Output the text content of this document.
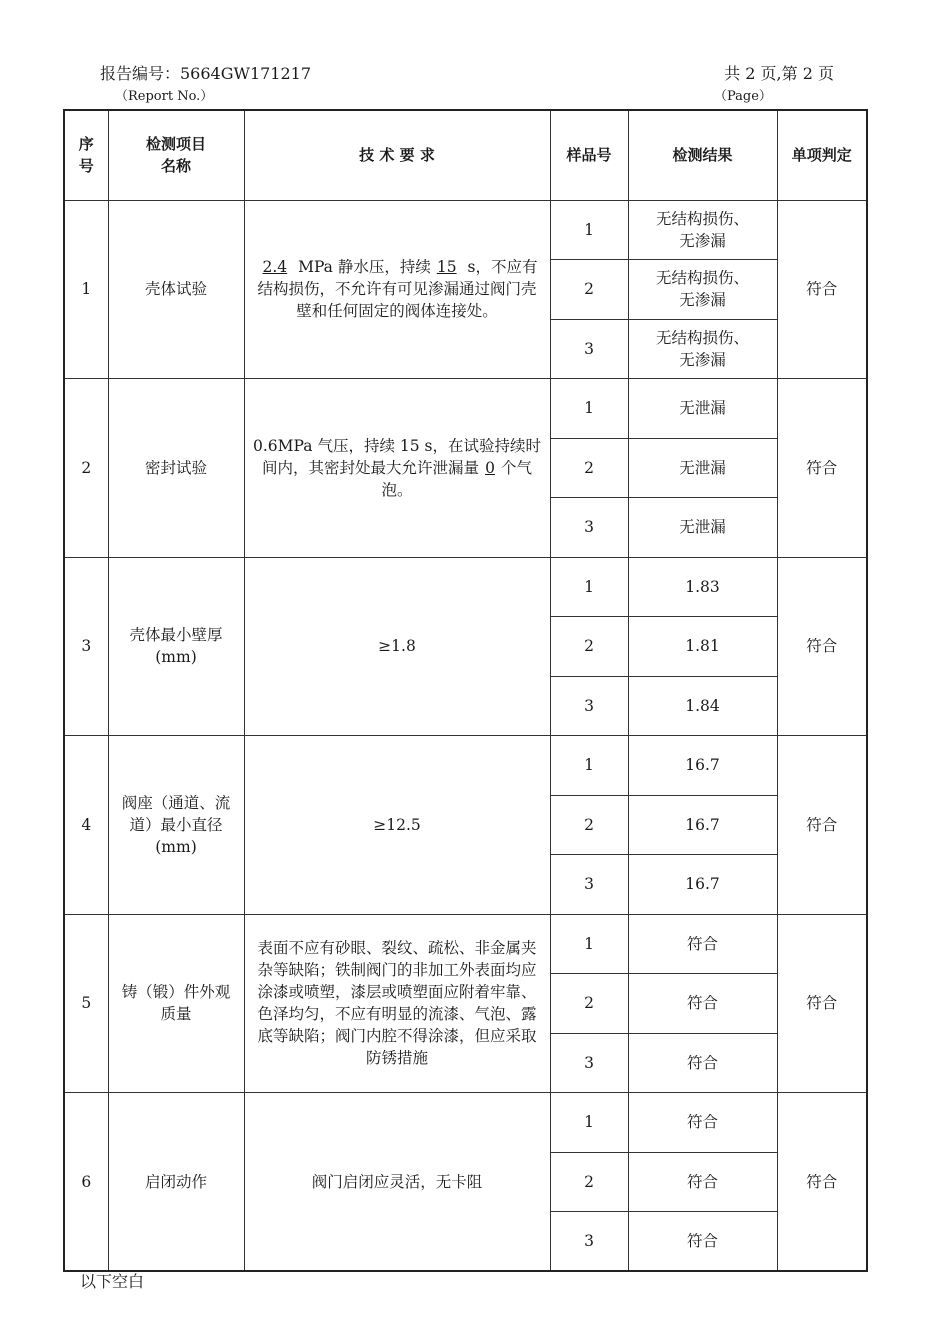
报告编号：5664GW171217
（Report No.）
共 2 页,第 2 页
（Page）
序
号	检测项目
名称	技 术 要 求	样品号	检测结果	单项判定
1	壳体试验	2.4 MPa 静水压，持续 15 s，不应有结构损伤，不允许有可见渗漏通过阀门壳壁和任何固定的阀体连接处。	1	无结构损伤、
无渗漏	符合
			2	无结构损伤、
无渗漏	
			3	无结构损伤、
无渗漏	
2	密封试验	0.6MPa 气压，持续 15 s，在试验持续时间内，其密封处最大允许泄漏量 0 个气泡。	1	无泄漏	符合
			2	无泄漏	
			3	无泄漏	
3	壳体最小壁厚
(mm)	≥1.8	1	1.83	符合
			2	1.81	
			3	1.84	
4	阀座（通道、流
道）最小直径
(mm)	≥12.5	1	16.7	符合
			2	16.7	
			3	16.7	
5	铸（锻）件外观
质量	表面不应有砂眼、裂纹、疏松、非金属夹杂等缺陷；铁制阀门的非加工外表面均应涂漆或喷塑，漆层或喷塑面应附着牢靠、色泽均匀，不应有明显的流漆、气泡、露底等缺陷；阀门内腔不得涂漆，但应采取防锈措施	1	符合	符合
			2	符合	
			3	符合	
6	启闭动作	阀门启闭应灵活，无卡阻	1	符合	符合
			2	符合	
			3	符合	
以下空白
